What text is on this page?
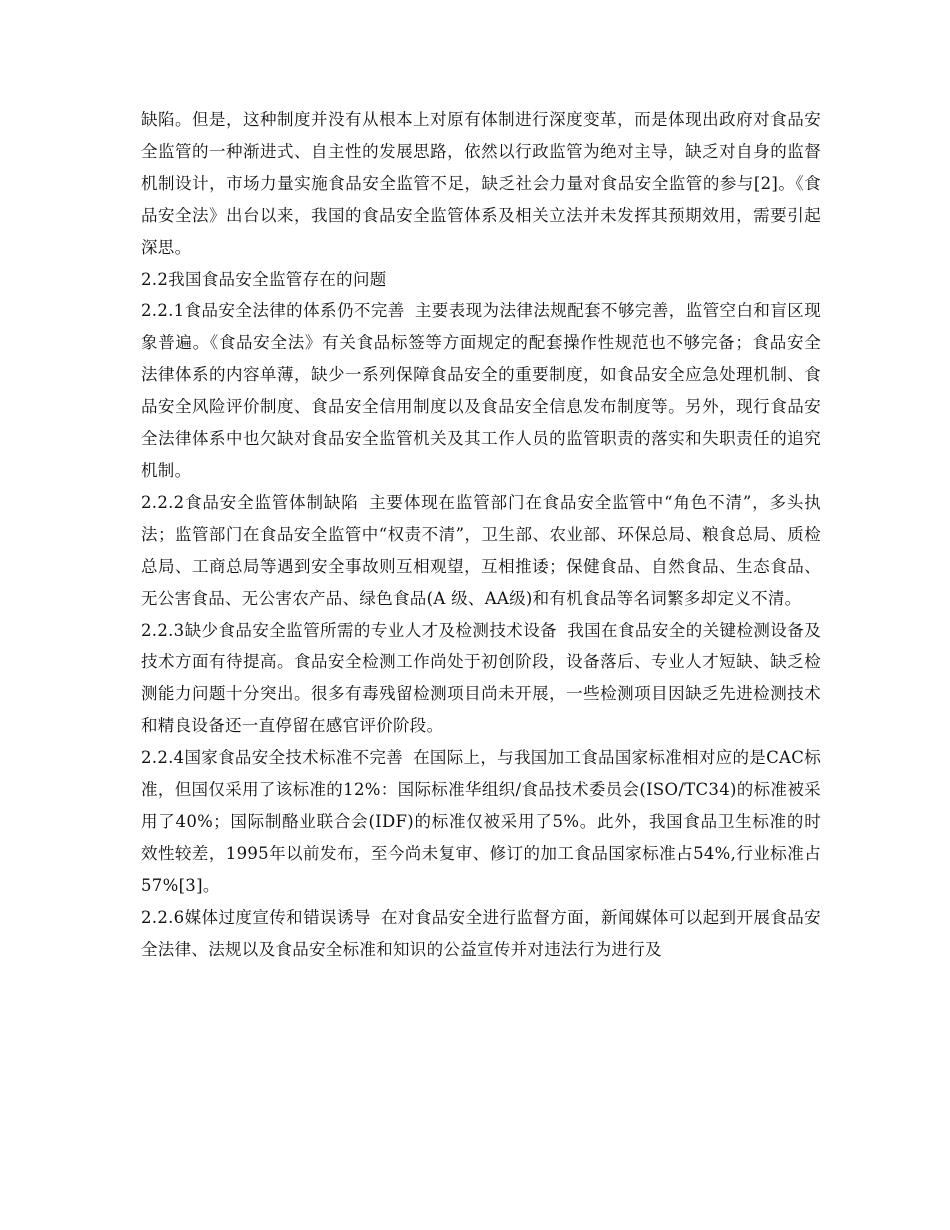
缺陷。但是，这种制度并没有从根本上对原有体制进行深度变革，而是体现出政府对食品安全监管的一种渐进式、自主性的发展思路，依然以行政监管为绝对主导，缺乏对自身的监督机制设计，市场力量实施食品安全监管不足，缺乏社会力量对食品安全监管的参与[2]。《食品安全法》出台以来，我国的食品安全监管体系及相关立法并未发挥其预期效用，需要引起深思。

2.2我国食品安全监管存在的问题

2.2.1食品安全法律的体系仍不完善 主要表现为法律法规配套不够完善，监管空白和盲区现象普遍。《食品安全法》有关食品标签等方面规定的配套操作性规范也不够完备；食品安全法律体系的内容单薄，缺少一系列保障食品安全的重要制度，如食品安全应急处理机制、食品安全风险评价制度、食品安全信用制度以及食品安全信息发布制度等。另外，现行食品安全法律体系中也欠缺对食品安全监管机关及其工作人员的监管职责的落实和失职责任的追究机制。

2.2.2食品安全监管体制缺陷 主要体现在监管部门在食品安全监管中“角色不清”，多头执法；监管部门在食品安全监管中“权责不清”，卫生部、农业部、环保总局、粮食总局、质检总局、工商总局等遇到安全事故则互相观望，互相推诿；保健食品、自然食品、生态食品、无公害食品、无公害农产品、绿色食品(A 级、AA级)和有机食品等名词繁多却定义不清。

2.2.3缺少食品安全监管所需的专业人才及检测技术设备 我国在食品安全的关键检测设备及技术方面有待提高。食品安全检测工作尚处于初创阶段，设备落后、专业人才短缺、缺乏检测能力问题十分突出。很多有毒残留检测项目尚未开展，一些检测项目因缺乏先进检测技术和精良设备还一直停留在感官评价阶段。

2.2.4国家食品安全技术标准不完善 在国际上，与我国加工食品国家标准相对应的是CAC标准，但国仅采用了该标准的12%：国际标准华组织/食品技术委员会(ISO/TC34)的标准被采用了40%；国际制酪业联合会(IDF)的标准仅被采用了5%。此外，我国食品卫生标准的时效性较差，1995年以前发布，至今尚未复审、修订的加工食品国家标准占54%,行业标准占57%[3]。

2.2.6媒体过度宣传和错误诱导 在对食品安全进行监督方面，新闻媒体可以起到开展食品安全法律、法规以及食品安全标准和知识的公益宣传并对违法行为进行及
